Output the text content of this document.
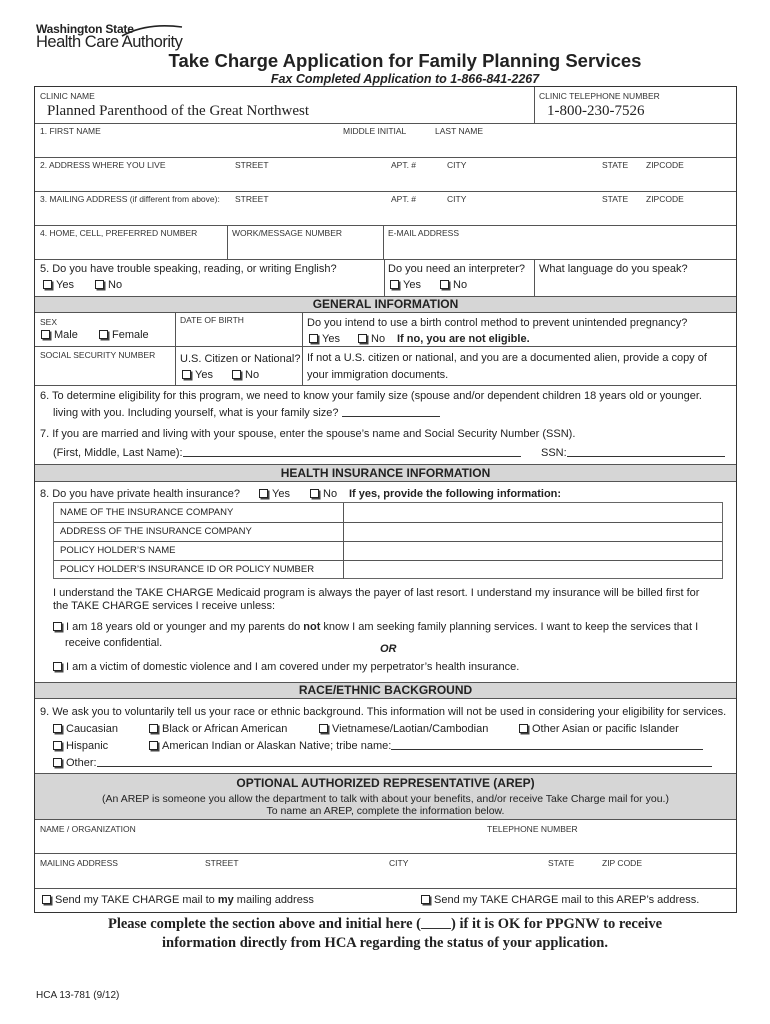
Washington State
Health Care Authority
Take Charge Application for Family Planning Services
Fax Completed Application to 1-866-841-2267
CLINIC NAME
Planned Parenthood of the Great Northwest
CLINIC TELEPHONE NUMBER
1-800-230-7526
1. FIRST NAME	MIDDLE INITIAL	LAST NAME
2. ADDRESS WHERE YOU LIVE	STREET	APT. #	CITY	STATE ZIPCODE
3. MAILING ADDRESS (if different from above): STREET	APT. #	CITY	STATE ZIPCODE
4. HOME, CELL, PREFERRED NUMBER	WORK/MESSAGE NUMBER	E-MAIL ADDRESS
5. Do you have trouble speaking, reading, or writing English?
Yes	No
Do you need an interpreter?
Yes	No
What language do you speak?
GENERAL INFORMATION
SEX
Male	Female
DATE OF BIRTH	Do you intend to use a birth control method to prevent unintended pregnancy?
Yes	No If no, you are not eligible.
SOCIAL SECURITY NUMBER U.S. Citizen or National?
Yes	No
If not a U.S. citizen or national, and you are a documented alien, provide a copy of
your immigration documents.
6. To determine eligibility for this program, we need to know your family size (spouse and/or dependent children 18 years old or younger.
living with you. Including yourself, what is your family size?
7. If you are married and living with your spouse, enter the spouse’s name and Social Security Number (SSN).
(First, Middle, Last Name):	SSN:
HEALTH INSURANCE INFORMATION
8. Do you have private health insurance?	Yes	No If yes, provide the following information:
NAME OF THE INSURANCE COMPANY
ADDRESS OF THE INSURANCE COMPANY
POLICY HOLDER’S NAME
POLICY HOLDER’S INSURANCE ID OR POLICY NUMBER
I understand the TAKE CHARGE Medicaid program is always the payer of last resort. I understand my insurance will be billed first for
the TAKE CHARGE services I receive unless:
I am 18 years old or younger and my parents do not know I am seeking family planning services. I want to keep the services that I
receive confidential.	OR
I am a victim of domestic violence and I am covered under my perpetrator’s health insurance.
RACE/ETHNIC BACKGROUND
9. We ask you to voluntarily tell us your race or ethnic background. This information will not be used in considering your eligibility for services.
Caucasian	Black or African American	Vietnamese/Laotian/Cambodian	Other Asian or pacific Islander
Hispanic	American Indian or Alaskan Native; tribe name:
Other:
OPTIONAL AUTHORIZED REPRESENTATIVE (AREP)
(An AREP is someone you allow the department to talk with about your benefits, and/or receive Take Charge mail for you.)
To name an AREP, complete the information below.
NAME / ORGANIZATION	TELEPHONE NUMBER
MAILING ADDRESS	STREET	CITY	STATE	ZIP CODE
Send my TAKE CHARGE mail to my mailing address	Send my TAKE CHARGE mail to this AREP’s address.
Please complete the section above and initial here ( ) if it is OK for PPGNW to receive
information directly from HCA regarding the status of your application.
HCA 13-781 (9/12)
